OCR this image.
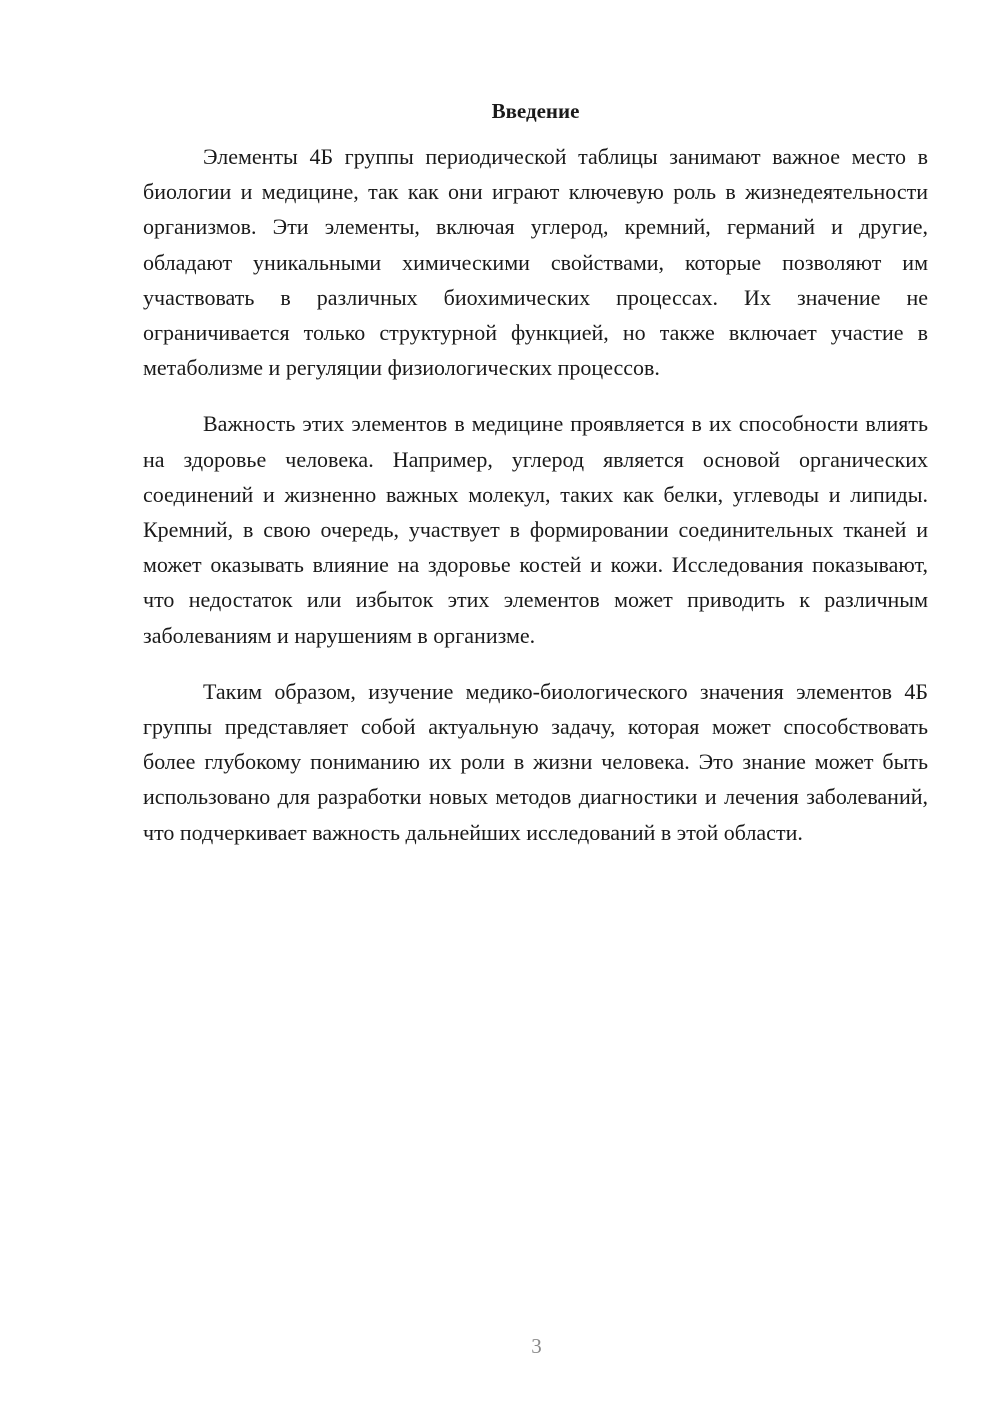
Введение

Элементы 4Б группы периодической таблицы занимают важное место в биологии и медицине, так как они играют ключевую роль в жизнедеятельности организмов. Эти элементы, включая углерод, кремний, германий и другие, обладают уникальными химическими свойствами, которые позволяют им участвовать в различных биохимических процессах. Их значение не ограничивается только структурной функцией, но также включает участие в метаболизме и регуляции физиологических процессов.

Важность этих элементов в медицине проявляется в их способности влиять на здоровье человека. Например, углерод является основой органических соединений и жизненно важных молекул, таких как белки, углеводы и липиды. Кремний, в свою очередь, участвует в формировании соединительных тканей и может оказывать влияние на здоровье костей и кожи. Исследования показывают, что недостаток или избыток этих элементов может приводить к различным заболеваниям и нарушениям в организме.

Таким образом, изучение медико-биологического значения элементов 4Б группы представляет собой актуальную задачу, которая может способствовать более глубокому пониманию их роли в жизни человека. Это знание может быть использовано для разработки новых методов диагностики и лечения заболеваний, что подчеркивает важность дальнейших исследований в этой области.

3
